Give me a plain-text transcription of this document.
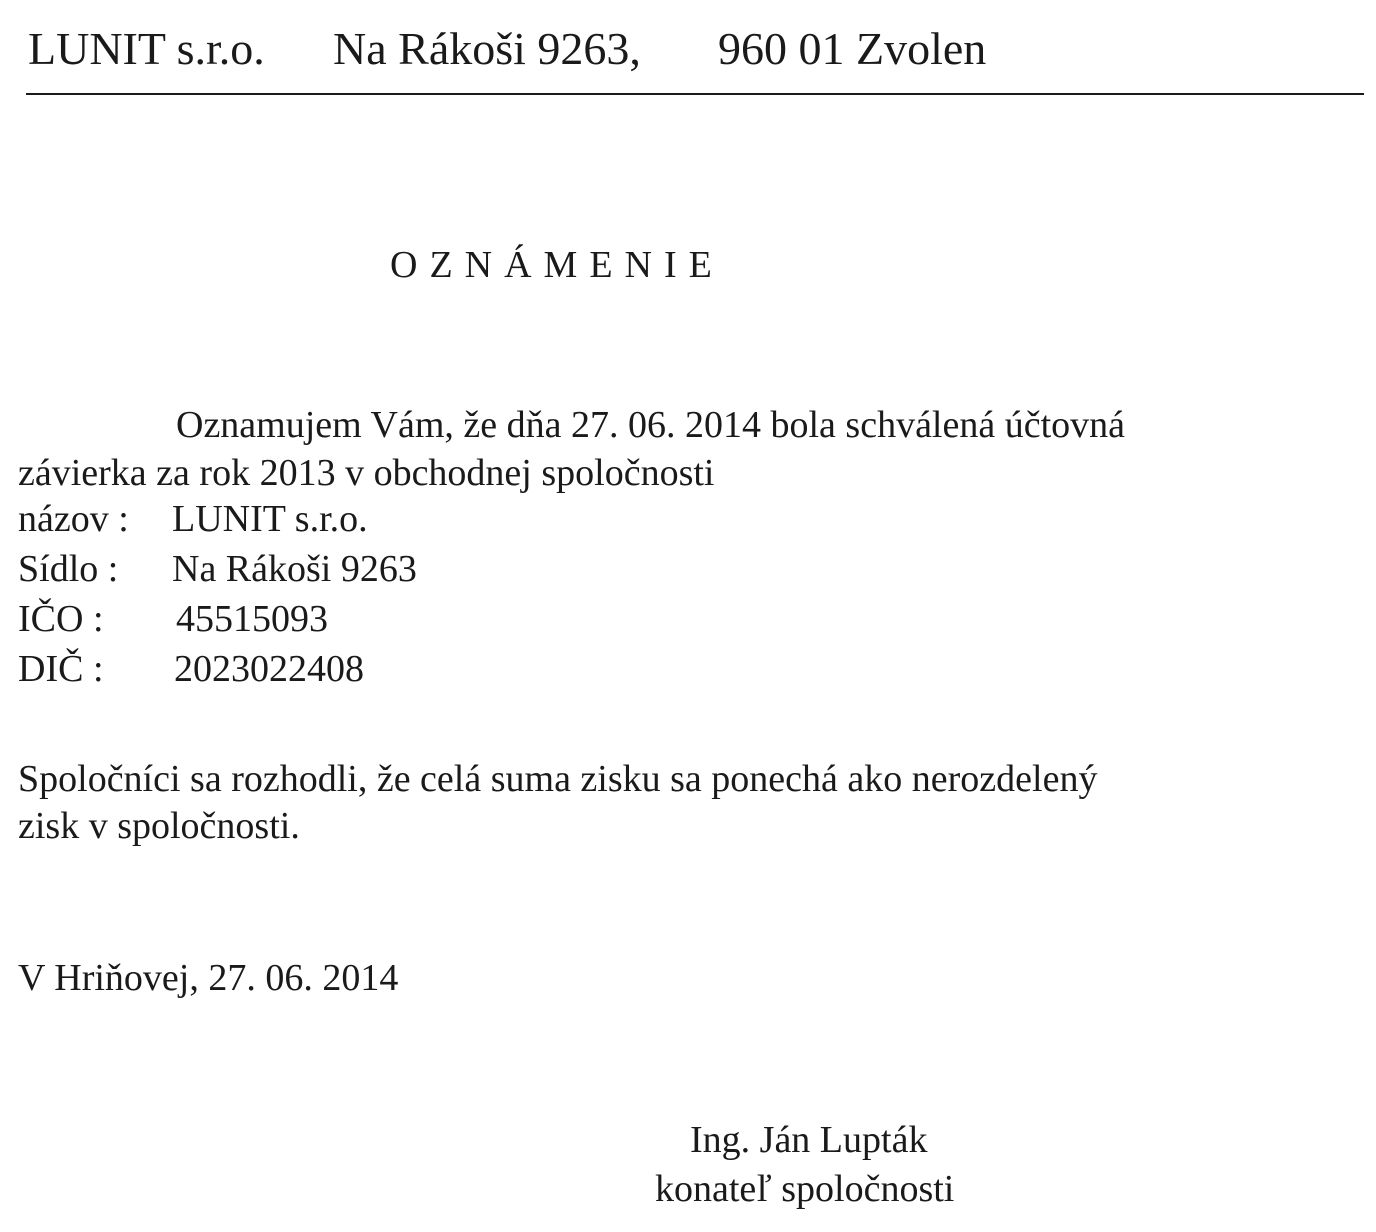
LUNIT s.r.o. Na Rákoši 9263, 960 01 Zvolen
OZNÁMENIE
Oznamujem Vám, že dňa 27. 06. 2014 bola schválená účtovná
závierka za rok 2013 v obchodnej spoločnosti
názov : LUNIT s.r.o.
Sídlo : Na Rákoši 9263
IČO : 45515093
DIČ : 2023022408
Spoločníci sa rozhodli, že celá suma zisku sa ponechá ako nerozdelený
zisk v spoločnosti.
V Hriňovej, 27. 06. 2014
Ing. Ján Lupták
konateľ spoločnosti
